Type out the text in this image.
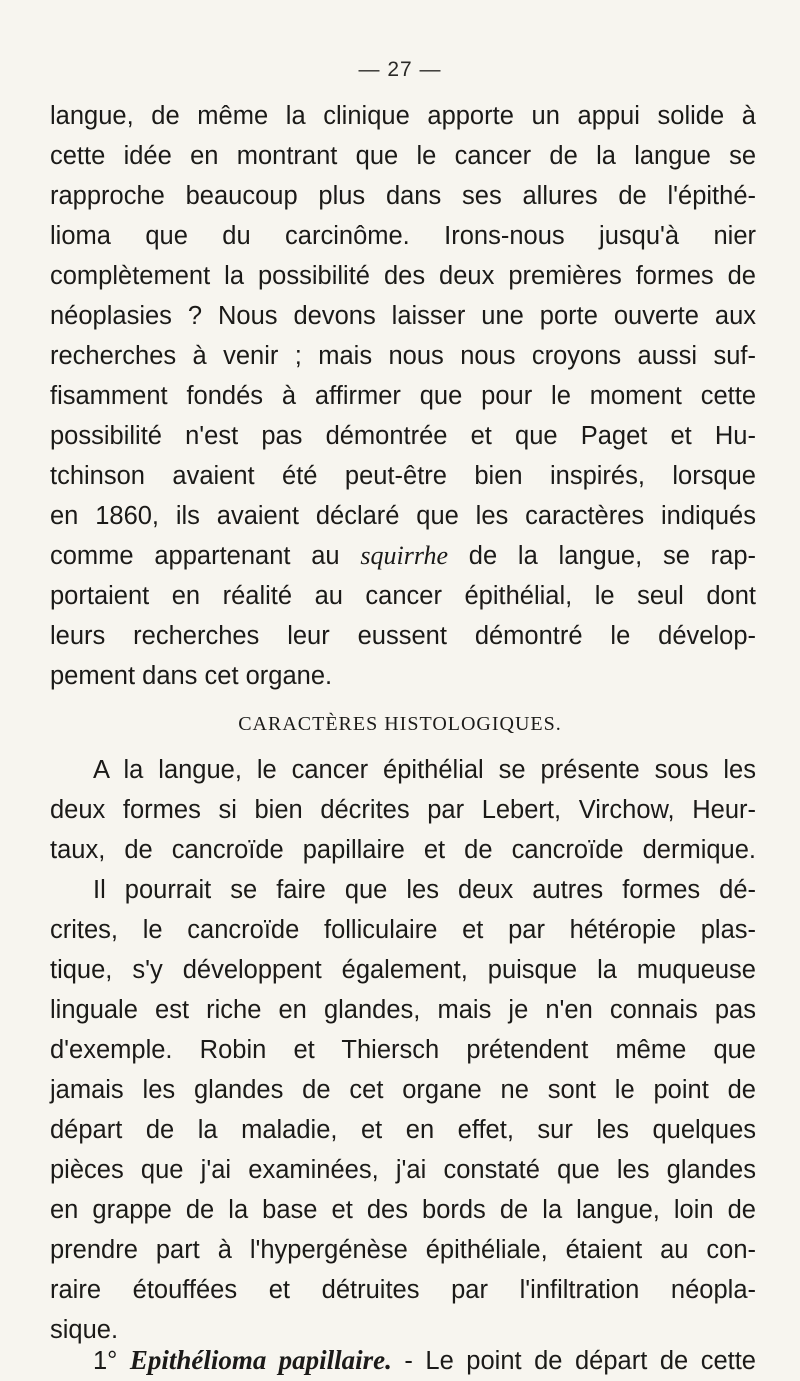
— 27 —
langue, de même la clinique apporte un appui solide à
cette idée en montrant que le cancer de la langue se
rapproche beaucoup plus dans ses allures de l'épithé-
lioma que du carcinôme. Irons-nous jusqu'à nier
complètement la possibilité des deux premières formes de
néoplasies ? Nous devons laisser une porte ouverte aux
recherches à venir ; mais nous nous croyons aussi suf-
fisamment fondés à affirmer que pour le moment cette
possibilité n'est pas démontrée et que Paget et Hu-
tchinson avaient été peut-être bien inspirés, lorsque
en 1860, ils avaient déclaré que les caractères indiqués
comme appartenant au squirrhe de la langue, se rap-
portaient en réalité au cancer épithélial, le seul dont
leurs recherches leur eussent démontré le dévelop-
pement dans cet organe.
CARACTÈRES HISTOLOGIQUES.
A la langue, le cancer épithélial se présente sous les
deux formes si bien décrites par Lebert, Virchow, Heur-
taux, de cancroïde papillaire et de cancroïde dermique.
Il pourrait se faire que les deux autres formes dé-
crites, le cancroïde folliculaire et par hétéropie plas-
tique, s'y développent également, puisque la muqueuse
linguale est riche en glandes, mais je n'en connais pas
d'exemple. Robin et Thiersch prétendent même que
jamais les glandes de cet organe ne sont le point de
départ de la maladie, et en effet, sur les quelques
pièces que j'ai examinées, j'ai constaté que les glandes
en grappe de la base et des bords de la langue, loin de
prendre part à l'hypergénèse épithéliale, étaient au con-
raire étouffées et détruites par l'infiltration néopla-
sique.
1° Epithélioma papillaire. - Le point de départ de cette
